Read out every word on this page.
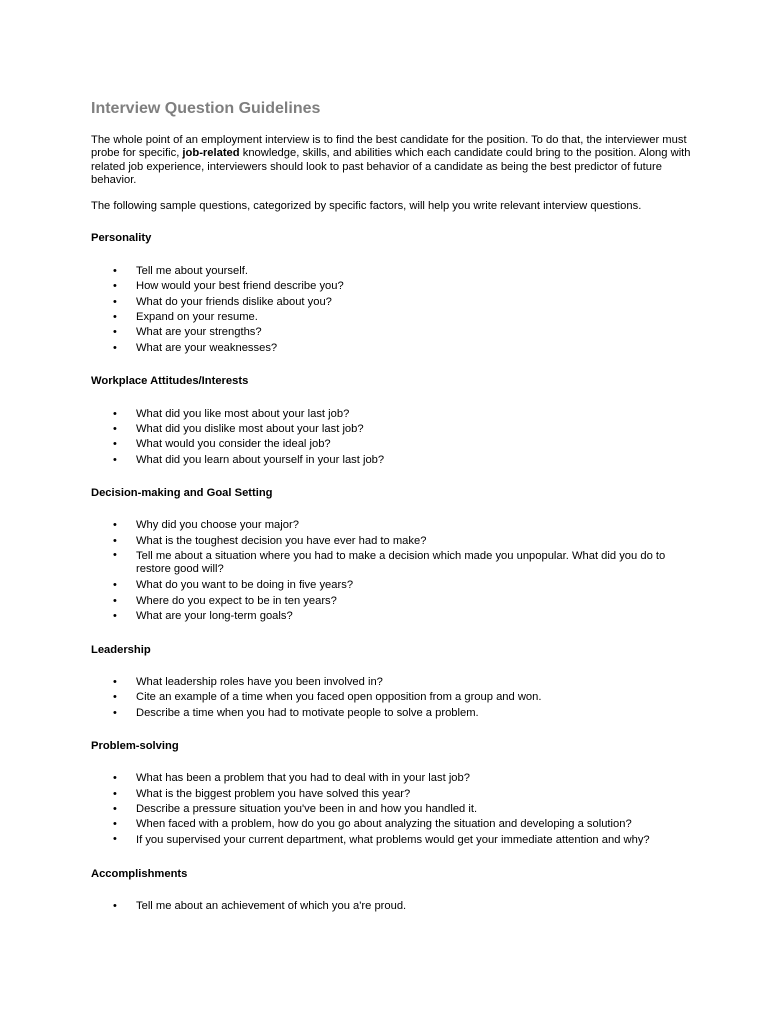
Interview Question Guidelines

The whole point of an employment interview is to find the best candidate for the position. To do that, the interviewer must probe for specific, job-related knowledge, skills, and abilities which each candidate could bring to the position. Along with related job experience, interviewers should look to past behavior of a candidate as being the best predictor of future behavior.

The following sample questions, categorized by specific factors, will help you write relevant interview questions.

Personality
• Tell me about yourself.
• How would your best friend describe you?
• What do your friends dislike about you?
• Expand on your resume.
• What are your strengths?
• What are your weaknesses?
Workplace Attitudes/Interests
• What did you like most about your last job?
• What did you dislike most about your last job?
• What would you consider the ideal job?
• What did you learn about yourself in your last job?
Decision-making and Goal Setting
• Why did you choose your major?
• What is the toughest decision you have ever had to make?
• Tell me about a situation where you had to make a decision which made you unpopular. What did you do to restore good will?
• What do you want to be doing in five years?
• Where do you expect to be in ten years?
• What are your long-term goals?
Leadership
• What leadership roles have you been involved in?
• Cite an example of a time when you faced open opposition from a group and won.
• Describe a time when you had to motivate people to solve a problem.
Problem-solving
• What has been a problem that you had to deal with in your last job?
• What is the biggest problem you have solved this year?
• Describe a pressure situation you've been in and how you handled it.
• When faced with a problem, how do you go about analyzing the situation and developing a solution?
• If you supervised your current department, what problems would get your immediate attention and why?
Accomplishments
• Tell me about an achievement of which you a're proud.
